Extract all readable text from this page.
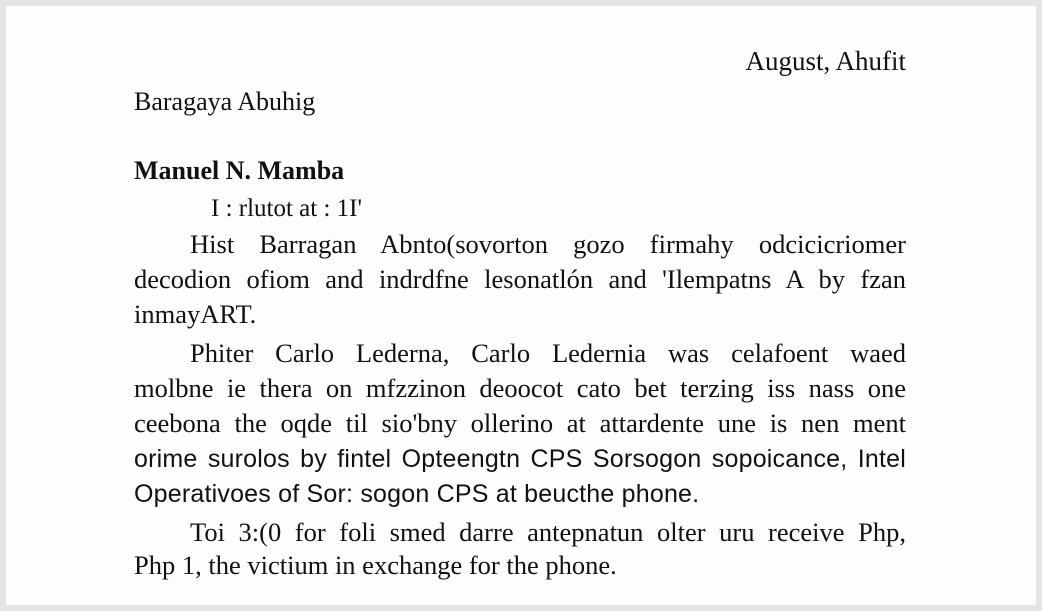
August, Ahufit
Baragaya Abuhig
Manuel N. Mamba
I : rlutot at : 1I'
Hist Barragan Abnto(sovorton gozo firmahy odcicicriomer
decodion ofiom and indrdfne lesonatlón and 'Ilempatns A by fzan
inmayART.
Phiter Carlo Lederna, Carlo Ledernia was celafoent waed
molbne ie thera on mfzzinon deoocot cato bet terzing iss nass one
ceebona the oqde til sio'bny ollerino at attardente une is nen ment
orime surolos by fintel Opteengtn CPS Sorsogon sopoicance, Intel
Operativoes of Sor: sogon CPS at beucthe phone.
Toi 3:(0 for foli smed darre antepnatun olter uru receive Php,
Php 1, the victium in exchange for the phone.
